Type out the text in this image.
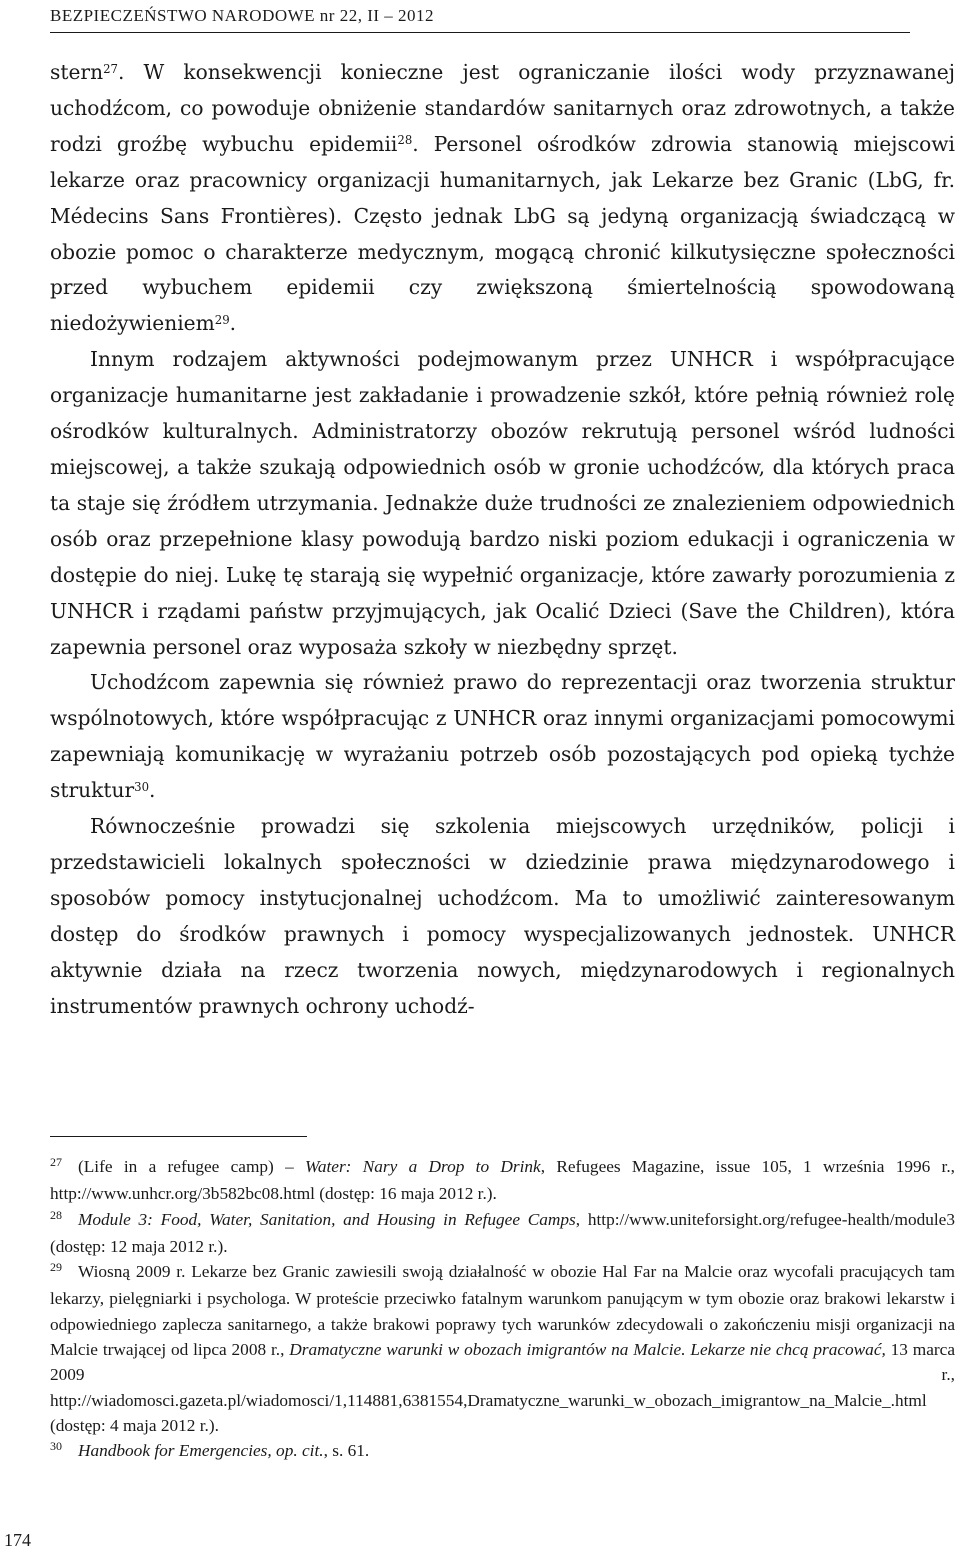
BEZPIECZEŃSTWO NARODOWE nr 22, II – 2012

stern$^{27}$. W konsekwencji konieczne jest ograniczanie ilości wody przyznawanej uchodźcom, co powoduje obniżenie standardów sanitarnych oraz zdrowotnych, a także rodzi groźbę wybuchu epidemii$^{28}$. Personel ośrodków zdrowia stanowią miejscowi lekarze oraz pracownicy organizacji humanitarnych, jak Lekarze bez Granic (LbG, fr. Médecins Sans Frontières). Często jednak LbG są jedyną organizacją świadczącą w obozie pomoc o charakterze medycznym, mogącą chronić kilkutysięczne społeczności przed wybuchem epidemii czy zwiększoną śmiertelnością spowodowaną niedożywieniem$^{29}$.

Innym rodzajem aktywności podejmowanym przez UNHCR i współpracujące organizacje humanitarne jest zakładanie i prowadzenie szkół, które pełnią również rolę ośrodków kulturalnych. Administratorzy obozów rekrutują personel wśród ludności miejscowej, a także szukają odpowiednich osób w gronie uchodźców, dla których praca ta staje się źródłem utrzymania. Jednakże duże trudności ze znalezieniem odpowiednich osób oraz przepełnione klasy powodują bardzo niski poziom edukacji i ograniczenia w dostępie do niej. Lukę tę starają się wypełnić organizacje, które zawarły porozumienia z UNHCR i rządami państw przyjmujących, jak Ocalić Dzieci (Save the Children), która zapewnia personel oraz wyposaża szkoły w niezbędny sprzęt.

Uchodźcom zapewnia się również prawo do reprezentacji oraz tworzenia struktur wspólnotowych, które współpracując z UNHCR oraz innymi organizacjami pomocowymi zapewniają komunikację w wyrażaniu potrzeb osób pozostających pod opieką tychże struktur$^{30}$.

Równocześnie prowadzi się szkolenia miejscowych urzędników, policji i przedstawicieli lokalnych społeczności w dziedzinie prawa międzynarodowego i sposobów pomocy instytucjonalnej uchodźcom. Ma to umożliwić zainteresowanym dostęp do środków prawnych i pomocy wyspecjalizowanych jednostek. UNHCR aktywnie działa na rzecz tworzenia nowych, międzynarodowych i regionalnych instrumentów prawnych ochrony uchodź-

27 (Life in a refugee camp) – Water: Nary a Drop to Drink, Refugees Magazine, issue 105, 1 września 1996 r., http://www.unhcr.org/3b582bc08.html (dostęp: 16 maja 2012 r.).

28 Module 3: Food, Water, Sanitation, and Housing in Refugee Camps, http://www.uniteforsight.org/refugee-health/module3 (dostęp: 12 maja 2012 r.).

29 Wiosną 2009 r. Lekarze bez Granic zawiesili swoją działalność w obozie Hal Far na Malcie oraz wycofali pracujących tam lekarzy, pielęgniarki i psychologa. W proteście przeciwko fatalnym warunkom panującym w tym obozie oraz brakowi lekarstw i odpowiedniego zaplecza sanitarnego, a także brakowi poprawy tych warunków zdecydowali o zakończeniu misji organizacji na Malcie trwającej od lipca 2008 r., Dramatyczne warunki w obozach imigrantów na Malcie. Lekarze nie chcą pracować, 13 marca 2009 r., http://wiadomosci.gazeta.pl/wiadomosci/1,114881,6381554,Dramatyczne_warunki_w_obozach_imigrantow_na_Malcie_.html (dostęp: 4 maja 2012 r.).

30 Handbook for Emergencies, op. cit., s. 61.

174
